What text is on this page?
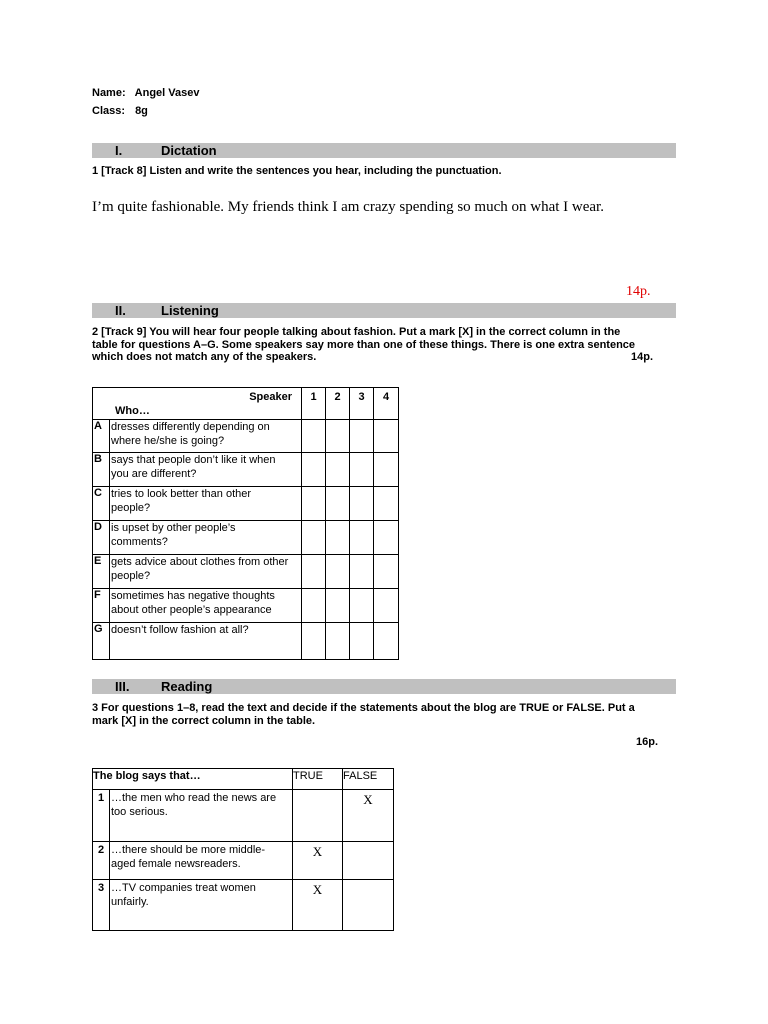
Name: Angel Vasev
Class: 8g
I.	Dictation
1 [Track 8] Listen and write the sentences you hear, including the punctuation.
I’m quite fashionable. My friends think I am crazy spending so much on what I wear.
14p.
II.	Listening
2 [Track 9] You will hear four people talking about fashion. Put a mark [X] in the correct column in the
table for questions A–G. Some speakers say more than one of these things. There is one extra sentence
which does not match any of the speakers.	14p.
Speaker
Who…		1	2	3	4
A	dresses differently depending on
where he/she is going?				

B	says that people don’t like it when
you are different?				

C	tries to look better than other
people?				

D	is upset by other people’s
comments?				

E	gets advice about clothes from other
people?				

F	sometimes has negative thoughts
about other people’s appearance				

G	doesn’t follow fashion at all?				

III. Reading
3 For questions 1–8, read the text and decide if the statements about the blog are TRUE or FALSE. Put a
mark [X] in the correct column in the table.
16p.
The blog says that…		TRUE	FALSE
1	…the men who read the news are
too serious.		X
2	…there should be more middle-
aged female newsreaders.	X	
3	…TV companies treat women
unfairly.	X	
